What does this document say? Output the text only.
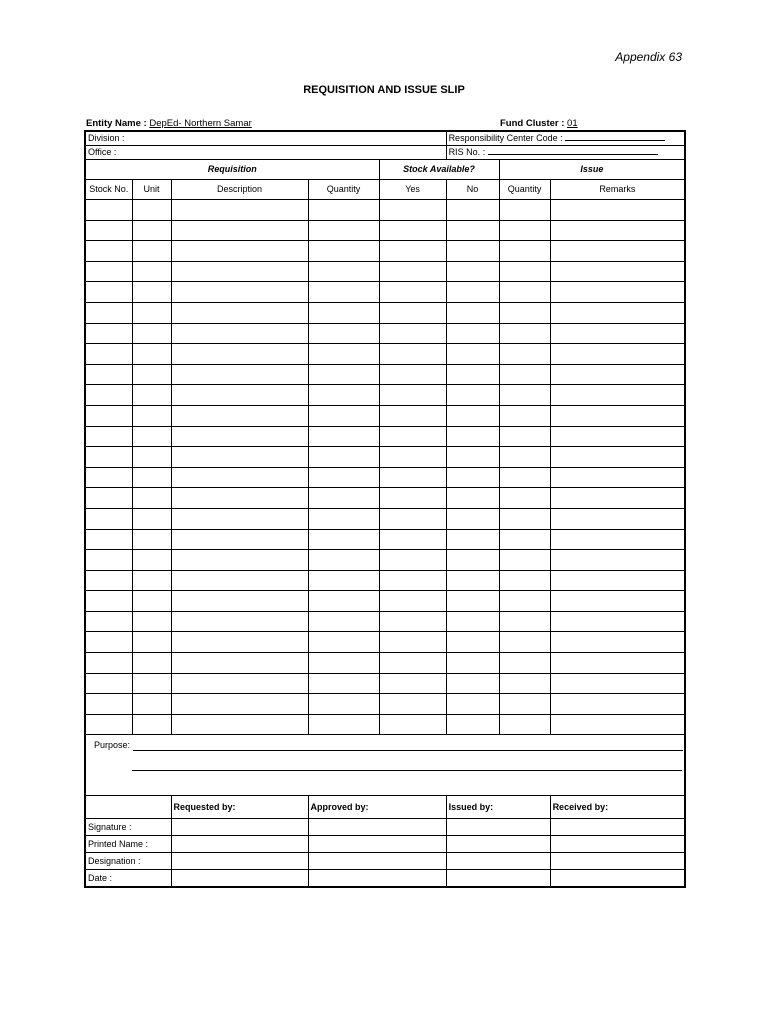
Appendix 63
REQUISITION AND ISSUE SLIP
Entity Name : DepEd- Northern Samar	Fund Cluster : 01
Division :					Responsibility Center Code :		
Office :					RIS No. :		
Requisition				Stock Available?		Issue	
Stock No.	Unit	Description	Quantity	Yes	No	Quantity	Remarks

Purpose:							

		Requested by:	Approved by:		Issued by:		Received by:
Signature :							
Printed Name :							
Designation :							
Date :							
